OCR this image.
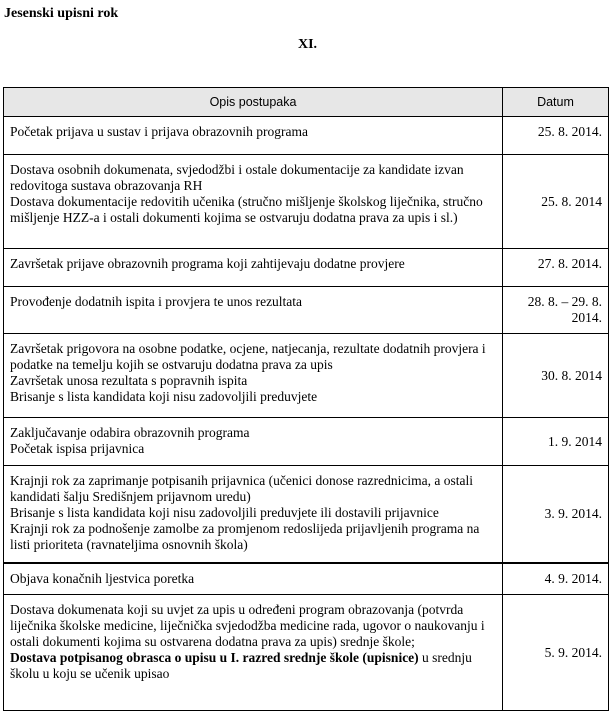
Jesenski upisni rok
XI.
Opis postupaka	Datum

Početak prijava u sustav i prijava obrazovnih programa	25. 8. 2014.

Dostava osobnih dokumenata, svjedodžbi i ostale dokumentacije za kandidate izvan redovitoga sustava obrazovanja RH
Dostava dokumentacije redovitih učenika (stručno mišljenje školskog liječnika, stručno mišljenje HZZ-a i ostali dokumenti kojima se ostvaruju dodatna prava za upis i sl.)	25. 8. 2014

Završetak prijave obrazovnih programa koji zahtijevaju dodatne provjere	27. 8. 2014.

Provođenje dodatnih ispita i provjera te unos rezultata	28. 8. – 29. 8. 2014.

Završetak prigovora na osobne podatke, ocjene, natjecanja, rezultate dodatnih provjera i podatke na temelju kojih se ostvaruju dodatna prava za upis
Završetak unosa rezultata s popravnih ispita
Brisanje s lista kandidata koji nisu zadovoljili preduvjete	30. 8. 2014

Zaključavanje odabira obrazovnih programa
Početak ispisa prijavnica	1. 9. 2014

Krajnji rok za zaprimanje potpisanih prijavnica (učenici donose razrednicima, a ostali kandidati šalju Središnjem prijavnom uredu)
Brisanje s lista kandidata koji nisu zadovoljili preduvjete ili dostavili prijavnice
Krajnji rok za podnošenje zamolbe za promjenom redoslijeda prijavljenih programa na listi prioriteta (ravnateljima osnovnih škola)	3. 9. 2014.

Objava konačnih ljestvica poretka	4. 9. 2014.

Dostava dokumenata koji su uvjet za upis u određeni program obrazovanja (potvrda liječnika školske medicine, liječnička svjedodžba medicine rada, ugovor o naukovanju i ostali dokumenti kojima su ostvarena dodatna prava za upis) srednje škole;
Dostava potpisanog obrasca o upisu u I. razred srednje škole (upisnice) u srednju školu u koju se učenik upisao	5. 9. 2014.
